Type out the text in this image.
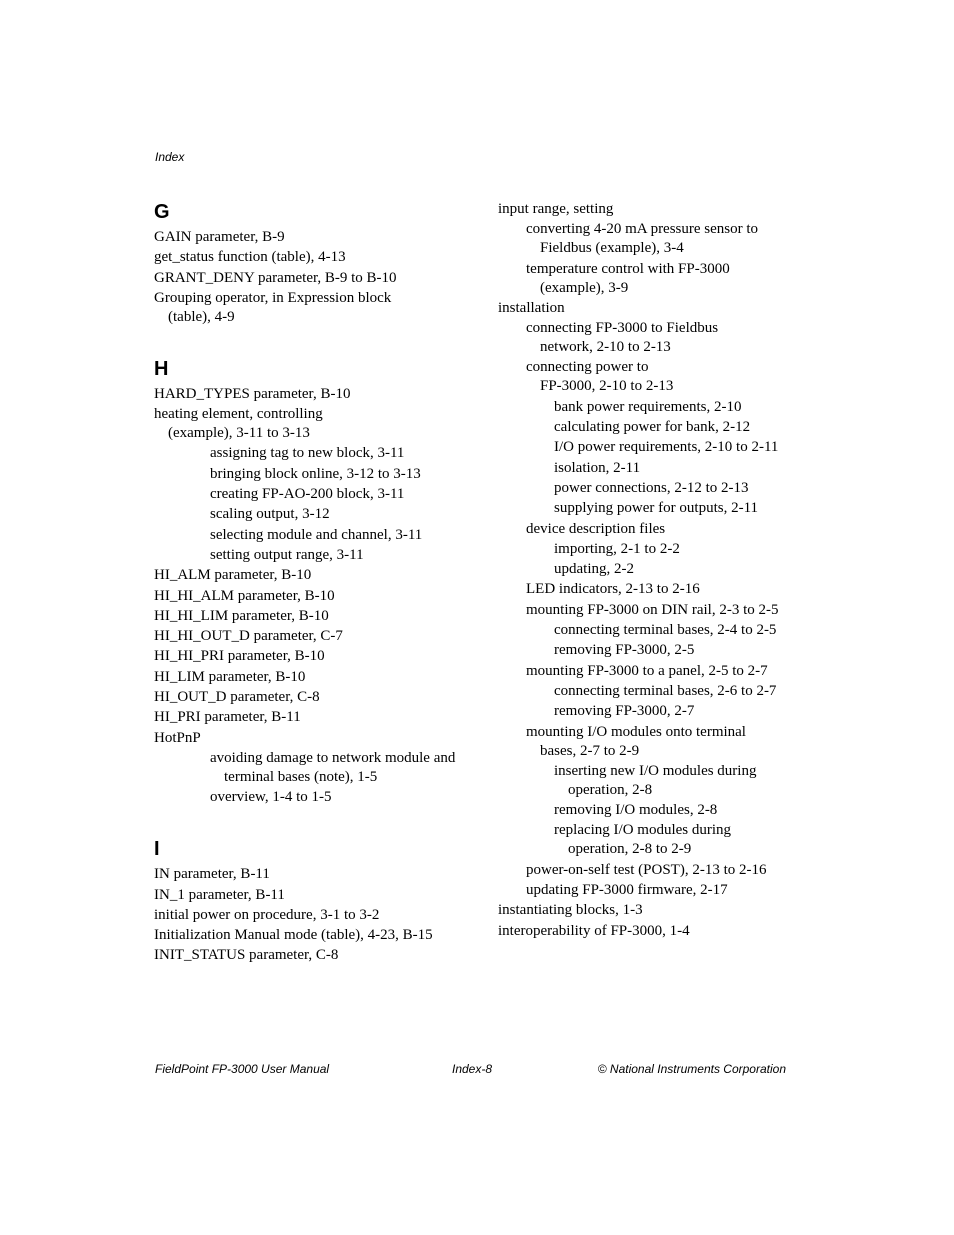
Index
G
GAIN parameter, B-9
get_status function (table), 4-13
GRANT_DENY parameter, B-9 to B-10
Grouping operator, in Expression block
(table), 4-9
H
HARD_TYPES parameter, B-10
heating element, controlling
(example), 3-11 to 3-13
assigning tag to new block, 3-11
bringing block online, 3-12 to 3-13
creating FP-AO-200 block, 3-11
scaling output, 3-12
selecting module and channel, 3-11
setting output range, 3-11
HI_ALM parameter, B-10
HI_HI_ALM parameter, B-10
HI_HI_LIM parameter, B-10
HI_HI_OUT_D parameter, C-7
HI_HI_PRI parameter, B-10
HI_LIM parameter, B-10
HI_OUT_D parameter, C-8
HI_PRI parameter, B-11
HotPnP
avoiding damage to network module and
terminal bases (note), 1-5
overview, 1-4 to 1-5
I
IN parameter, B-11
IN_1 parameter, B-11
initial power on procedure, 3-1 to 3-2
Initialization Manual mode (table), 4-23, B-15
INIT_STATUS parameter, C-8
input range, setting
converting 4-20 mA pressure sensor to
Fieldbus (example), 3-4
temperature control with FP-3000
(example), 3-9
installation
connecting FP-3000 to Fieldbus
network, 2-10 to 2-13
connecting power to
FP-3000, 2-10 to 2-13
bank power requirements, 2-10
calculating power for bank, 2-12
I/O power requirements, 2-10 to 2-11
isolation, 2-11
power connections, 2-12 to 2-13
supplying power for outputs, 2-11
device description files
importing, 2-1 to 2-2
updating, 2-2
LED indicators, 2-13 to 2-16
mounting FP-3000 on DIN rail, 2-3 to 2-5
connecting terminal bases, 2-4 to 2-5
removing FP-3000, 2-5
mounting FP-3000 to a panel, 2-5 to 2-7
connecting terminal bases, 2-6 to 2-7
removing FP-3000, 2-7
mounting I/O modules onto terminal
bases, 2-7 to 2-9
inserting new I/O modules during
operation, 2-8
removing I/O modules, 2-8
replacing I/O modules during
operation, 2-8 to 2-9
power-on-self test (POST), 2-13 to 2-16
updating FP-3000 firmware, 2-17
instantiating blocks, 1-3
interoperability of FP-3000, 1-4
FieldPoint FP-3000 User Manual	Index-8	© National Instruments Corporation
